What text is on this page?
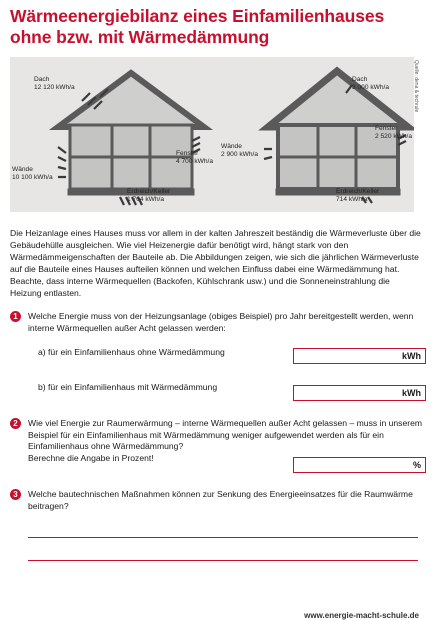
Wärmeenergiebilanz eines Einfamilienhauses
ohne bzw. mit Wärmedämmung
Dach
12 120 kWh/a
Fenster
4 700 kWh/a
Wände
10 100 kWh/a
Erdreich/Keller
1 764 kWh/a
Dach
3 000 kWh/a
Fenster
2 520 kWh/a
Wände
2 900 kWh/a
Erdreich/Keller
714 kWh/a
Quelle: dena & techrule

Die Heizanlage eines Hauses muss vor allem in der kalten Jahreszeit beständig die Wärmeverluste über die Gebäudehülle ausgleichen. Wie viel Heizenergie dafür benötigt wird, hängt stark von den Wärmedämmeigenschaften der Bauteile ab. Die Abbildungen zeigen, wie sich die jährlichen Wärmeverluste auf die Bauteile eines Hauses aufteilen können und welchen Einfluss dabei eine Wärmedämmung hat. Beachte, dass interne Wärmequellen (Backofen, Kühlschrank usw.) und die Sonneneinstrahlung die Heizung entlasten.

1	Welche Energie muss von der Heizungsanlage (obiges Beispiel) pro Jahr bereitgestellt werden, wenn interne Wärmequellen außer Acht gelassen werden:
a) für ein Einfamilienhaus ohne Wärmedämmung	kWh
b) für ein Einfamilienhaus mit Wärmedämmung
kWh
2	Wie viel Energie zur Raumerwärmung – interne Wärmequellen außer Acht gelassen – muss in unserem Beispiel für ein Einfamilienhaus mit Wärmedämmung weniger aufgewendet werden als für ein Einfamilienhaus ohne Wärmedämmung?
Berechne die Angabe in Prozent!
%
3	Welche bautechnischen Maßnahmen können zur Senkung des Energieeinsatzes für die Raumwärme beitragen?
www.energie-macht-schule.de
